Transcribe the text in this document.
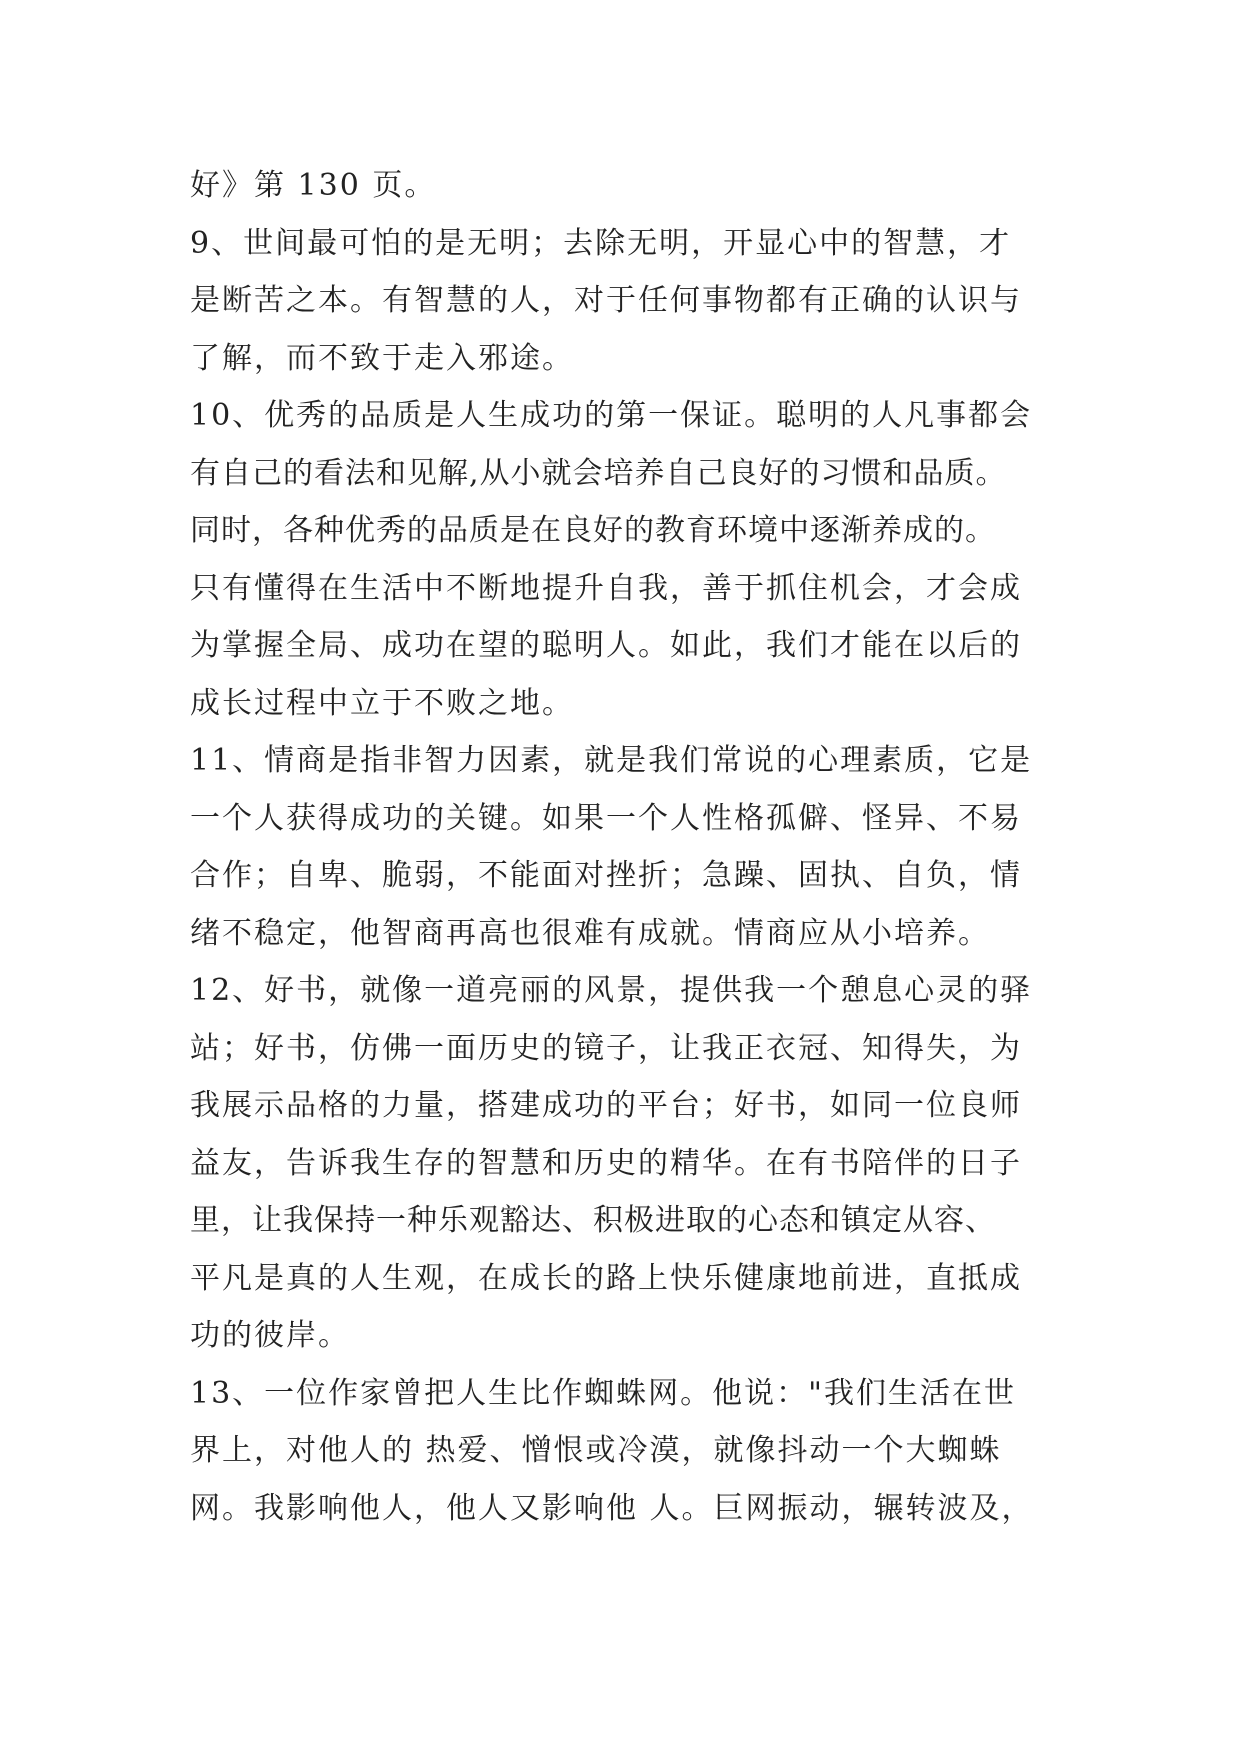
好》第 130 页。
9、世间最可怕的是无明；去除无明，开显心中的智慧，才
是断苦之本。有智慧的人，对于任何事物都有正确的认识与
了解，而不致于走入邪途。
10、优秀的品质是人生成功的第一保证。聪明的人凡事都会
有自己的看法和见解,从小就会培养自己良好的习惯和品质。
同时，各种优秀的品质是在良好的教育环境中逐渐养成的。
只有懂得在生活中不断地提升自我，善于抓住机会，才会成
为掌握全局、成功在望的聪明人。如此，我们才能在以后的
成长过程中立于不败之地。
11、情商是指非智力因素，就是我们常说的心理素质，它是
一个人获得成功的关键。如果一个人性格孤僻、怪异、不易
合作；自卑、脆弱，不能面对挫折；急躁、固执、自负，情
绪不稳定，他智商再高也很难有成就。情商应从小培养。
12、好书，就像一道亮丽的风景，提供我一个憩息心灵的驿
站；好书，仿佛一面历史的镜子，让我正衣冠、知得失，为
我展示品格的力量，搭建成功的平台；好书，如同一位良师
益友，告诉我生存的智慧和历史的精华。在有书陪伴的日子
里，让我保持一种乐观豁达、积极进取的心态和镇定从容、
平凡是真的人生观，在成长的路上快乐健康地前进，直抵成
功的彼岸。
13、一位作家曾把人生比作蜘蛛网。他说："我们生活在世
界上，对他人的 热爱、憎恨或冷漠，就像抖动一个大蜘蛛
网。我影响他人，他人又影响他 人。巨网振动，辗转波及，
